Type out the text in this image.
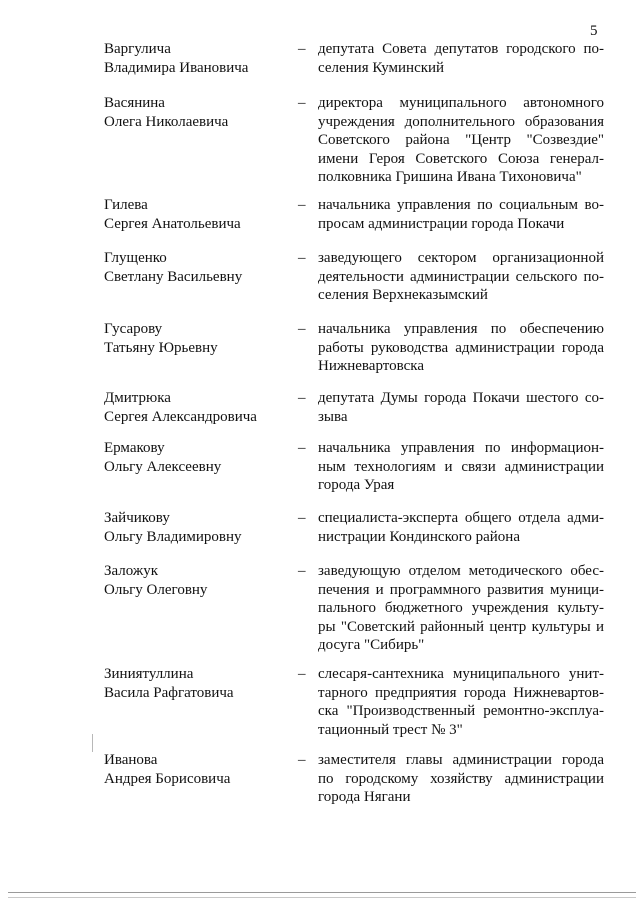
5
Варгулича
Владимира Ивановича
– депутата Совета депутатов городского по-
селения Куминский
Васянина
Олега Николаевича
– директора муниципального автономного
учреждения дополнительного образования
Советского района "Центр "Созвездие"
имени Героя Советского Союза генерал-
полковника Гришина Ивана Тихоновича"
Гилева
Сергея Анатольевича
– начальника управления по социальным во-
просам администрации города Покачи
Глущенко
Светлану Васильевну
– заведующего сектором организационной
деятельности администрации сельского по-
селения Верхнеказымский
Гусарову
Татьяну Юрьевну
– начальника управления по обеспечению
работы руководства администрации города
Нижневартовска
Дмитрюка
Сергея Александровича
– депутата Думы города Покачи шестого со-
зыва
Ермакову
Ольгу Алексеевну
– начальника управления по информацион-
ным технологиям и связи администрации
города Урая
Зайчикову
Ольгу Владимировну
– специалиста-эксперта общего отдела адми-
нистрации Кондинского района
Заложук
Ольгу Олеговну
– заведующую отделом методического обес-
печения и программного развития муници-
пального бюджетного учреждения культу-
ры "Советский районный центр культуры и
досуга "Сибирь"
Зиниятуллина
Васила Рафгатовича
– слесаря-сантехника муниципального унит-
тарного предприятия города Нижневартов-
ска "Производственный ремонтно-эксплуа-
тационный трест № 3"
Иванова
Андрея Борисовича
– заместителя главы администрации города
по городскому хозяйству администрации
города Нягани
